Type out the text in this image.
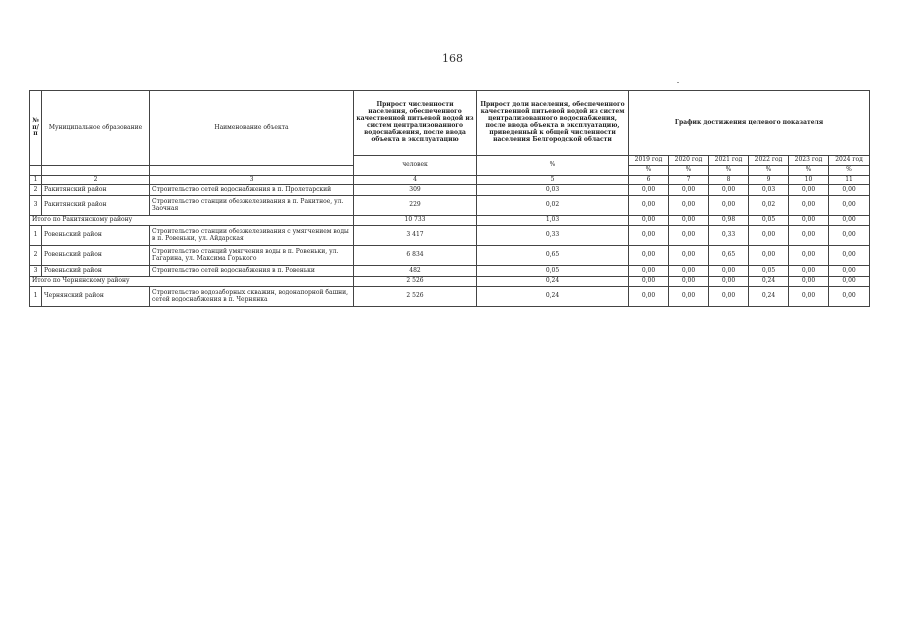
168
№ п/п	Муниципальное образование	Наименование объекта	Прирост численности населения, обеспеченного качественной питьевой водой из систем централизованного водоснабжения, после ввода объекта в эксплуатацию	Прирост доли населения, обеспеченного качественной питьевой водой из систем централизованного водоснабжения, после ввода объекта в эксплуатацию, приведенный к общей численности населения Белгородской области	График достижения целевого показателя					
			человек	%	2019 год	2020 год	2021 год	2022 год	2023 год	2024 год
					%	%	%	%	%	%
1	2	3	4	5	6	7	8	9	10	11
2	Ракитянский район	Строительство сетей водоснабжения в п. Пролетарский	309	0,03	0,00	0,00	0,00	0,03	0,00	0,00
3	Ракитянский район	Строительство станции обезжелезивания в п. Ракитное, ул. Заочная	229	0,02	0,00	0,00	0,00	0,02	0,00	0,00
Итого по Ракитянскому району			10 733	1,03	0,00	0,00	0,98	0,05	0,00	0,00
1	Ровеньский район	Строительство станции обезжелезивания с умягчением воды в п. Ровеньки, ул. Айдарская	3 417	0,33	0,00	0,00	0,33	0,00	0,00	0,00
2	Ровеньский район	Строительство станций умягчения воды в п. Ровеньки, ул. Гагарина, ул. Максима Горького	6 834	0,65	0,00	0,00	0,65	0,00	0,00	0,00
3	Ровеньский район	Строительство сетей водоснабжения в п. Ровеньки	482	0,05	0,00	0,00	0,00	0,05	0,00	0,00
Итого по Чернянскому району			2 526	0,24	0,00	0,00	0,00	0,24	0,00	0,00
1	Чернянский район	Строительство водозаборных скважин, водонапорной башни, сетей водоснабжения в п. Чернянка	2 526	0,24	0,00	0,00	0,00	0,24	0,00	0,00
